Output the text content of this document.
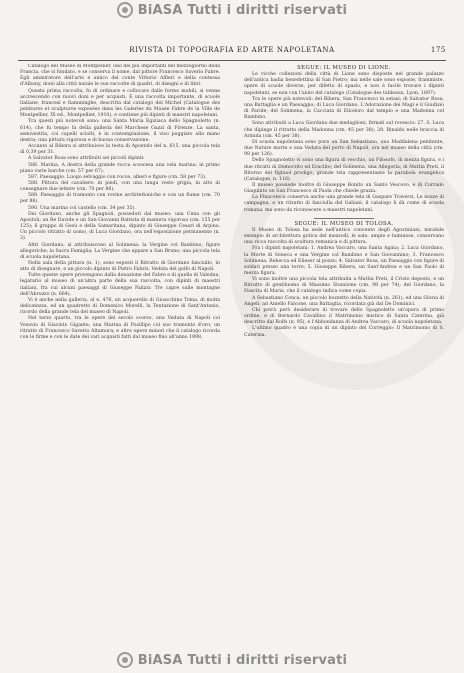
BiASA Tutti i diritti riservati
RIVISTA DI TOPOGRAFIA ED ARTE NAPOLETANA	175

Catalogo del Museo di Montpellier, uno dei più importanti del mezzogiorno della Francia, che si fondato, e se conserva il nome, dal pittore Francesco Saverio Fabre. Egli ammiratore dell'arte e amico del conte Vittorio Alfieri e della contessa d'Albany, donò alla città natale le sue raccolte di quadri, di disegni e di libri.

Questa prima raccolta, fu di ordinare e collocare dalle forme mobili, si venne accrescendo con nuovi doni e per acquisti. E una raccolta importante, di scuole italiane, francesi e fiamminghe, descritta dal catalogo del Michel (Catalogue des peintures et sculptures exposées dans les Galeries du Musée Fabre de la Ville de Montpellier, IX ed., Montpellier, 1910), e contiene più dipinti di maestri napoletani.

Tra questi più notevoli sono: una Santa Maria Egiziaca dello Spagnoletto (n. 614), che fu tempo fa della galleria del Marchese Gazzi di Firenze. La santa, semivestita, coi capelli sciolti, è in contemplazione, il viso poggiato alla mano destra; una pittura vigorosa e di buona conservazione.

Accanto al Ribera si attribuisce la testa di Apostolo del n. 615, una piccola tela di 0,39 per 31.

A Salvator Rosa sono attribuiti sei piccoli dipinti:

586. Marina. A destra della grande rocca scoscesa una vela marina; in primo piano varie barche (cm. 57 per 67).

587. Paesaggio. Luogo selvaggio con rocce, alberi e figure (cm. 58 per 73).

588. Pittura del cavaliere: in piedi, con una lunga veste grigia, in atto di consegnare due lettere (cm. 70 per 86).

589. Paesaggio di tramonto con rovine architettoniche e con un fiume (cm. 70 per 86).

590. Una marina col castello (cm. 34 per 35).

Dei Giordano, anche gli Spagnoli, posseduti dal museo: una Cena con gli Apostoli; un Re Davide e un San Giovanni Battista di maniera vigorosa (cm. 155 per 125); il gruppo di Gesù e della Samaritana, dipinto di Giuseppe Cesari di Arpino. Un piccolo ritratto di uomo, di Luca Giordano, ora nell'esposizione permanente (n. 3).

Altri Giordano, si attribuiscono al Solimena: la Vergine col Bambino, figure allegoriche; la Sacra Famiglia; La Vergine che appare a San Bruno; una piccola tela di scuola napoletana.

Nella sala della pittura (n. 1), sono esposti il Ritratto di Giordano fanciullo, in atto di disegnare, e un piccolo dipinto di Pietro Fabris, Veduta del golfo di Napoli.

Tutte queste opere provengono dalla donazione del Fabre e di quella di Valedau, legatario al museo di un'altra parte della sua raccolta, con dipinti di maestri italiani, fra cui alcuni paesaggi di Giuseppe Palizzi: Tre capre sulle montagne dell'Abruzzo (n. 664).

Vi è anche nella galleria, al n. 476, un acquerello di Gioacchino Toma, di molta delicatezza, ed un quadretto di Domenico Morelli, la Tentazione di Sant'Antonio, ricordo della grande tela del museo di Napoli.

Nel terzo quarto, tra le opere del secolo scorso, una Veduta di Napoli col Vesuvio di Giacinto Gigante; una Marina di Posillipo col suo tramonto d'oro; un ritratto di Francesco Saverio Altamura; e altre opere minori che il catalogo ricorda con le firme e con le date dei vari acquisti fatti dal museo fino all'anno 1898.

SEGUE: IL MUSEO DI LIONE.

Le ricche collezioni della città di Lione sono disposte nel grande palazzo dell'antica badia benedettina di San Pietro; ma nelle sale sono esposte, frammiste, opere di scuole diverse, per difetto di spazio, e non è facile trovare i dipinti napoletani, se non con l'aiuto del catalogo (Catalogue des tableaux, Lyon, 1897).

Tra le opere più notevoli: del Ribera, San Francesco in estasi; di Salvator Rosa, una Battaglia e un Paesaggio; di Luca Giordano, L'Adorazione dei Magi e il Giudizio di Paride; del Solimena, la Cacciata di Eliodoro dal tempio e una Madonna col Bambino.

Sono attribuiti a Luca Giordano due medaglioni, firmati sul rovescio: 27. S. Luca che dipinge il ritratto della Madonna (cm. 45 per 38); 28. Rinaldo nelle braccia di Armida (cm. 45 per 38).

Di scuola napoletana sono pure un San Sebastiano, una Maddalena penitente, due Nature morte e una Veduta del porto di Napoli, ora nel museo della città (cm. 98 per 126).

Dello Spagnoletto vi sono una figura di vecchio, un Filosofo, di mezza figura, e i due ritratti di Democrito ed Eraclito; del Solimena, una Allegoria; di Mattia Preti, il Ritorno del figliuol prodigo, grande tela rappresentante la parabola evangelica (Catalogue, n. 116).

Il museo possiede inoltre di Giuseppe Bonito un Santo Vescovo, e di Corrado Giaquinto un San Francesco di Paola che chiede grazia.

La Pinacoteca conserva anche una grande tela di Gaspare Traversi, Le nozze di campagna, e un ritratto di fanciulla del Galiani; il catalogo li dà come di scuola romana, ma sono da riconoscere a maestri napoletani.

SEGUE: IL MUSEO DI TOLOSA.

Il Museo di Tolosa ha sede nell'antico convento degli Agostiniani, mirabile esempio di architettura gotica del mezzodì; le sale, ampie e luminose, conservano una ricca raccolta di scultura romanica e di pittura.

Fra i dipinti napoletani: 1. Andrea Vaccaro, una Santa Agata; 2. Luca Giordano, la Morte di Seneca e una Vergine col Bambino e San Giovannino; 3. Francesco Solimena, Rebecca ed Eliezer al pozzo; 4. Salvator Rosa, un Paesaggio con figure di soldati presso una torre; 5. Giuseppe Ribera, un Sant'Andrea e un San Paolo di mezza figura.

Vi sono inoltre una piccola tela attribuita a Mattia Preti, il Cristo deposto, e un Ritratto di gentiluomo di Massimo Stanzione (cm. 98 per 74); del Giordano, la Nascita di Maria, che il catalogo indica come copia.

A Sebastiano Conca, un piccolo bozzetto della Natività (n. 261), ed una Gloria di Angeli; ad Aniello Falcone, una Battaglia, ricordata già dal De Dominici.

Chi potrà però desiderare di trovare dello Spagnoletto un'opera di primo ordine, e di Bernardo Cavallino il Matrimonio mistico di Santa Caterina, già descritto dal Rolfs (n. 95), e l'Abbondanza di Andrea Vaccaro, di scuola napoletana.

L'ultimo quadro è una copia di un dipinto del Correggio: Il Matrimonio di S. Caterina.

BiASA Tutti i diritti riservati
